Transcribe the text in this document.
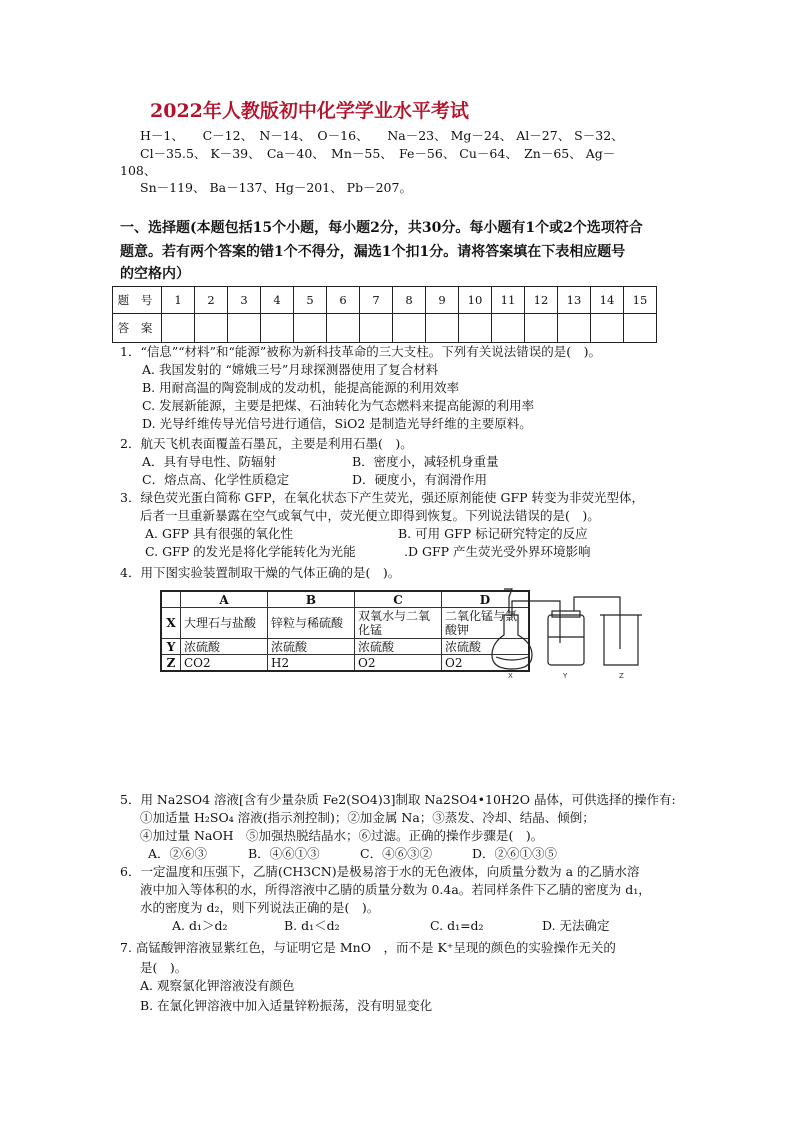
2022年人教版初中化学学业水平考试
H－1、　　C－12、　N－14、　O－16、　　Na－23、 Mg－24、 Al－27、 S－32、
Cl－35.5、 K－39、　Ca－40、　Mn－55、　Fe－56、 Cu－64、　Zn－65、 Ag－
108、
Sn－119、 Ba－137、Hg－201、 Pb－207。
一、选择题(本题包括15个小题，每小题2分，共30分。每小题有1个或2个选项符合
题意。若有两个答案的错1个不得分，漏选1个扣1分。请将答案填在下表相应题号
的空格内）
题 号	1	2	3	4	5	6	7	8	9	10	11	12	13	14	15
答 案															
1．“信息”“材料”和“能源”被称为新科技革命的三大支柱。下列有关说法错误的是(　)。
A. 我国发射的 “嫦娥三号”月球探测器使用了复合材料
B. 用耐高温的陶瓷制成的发动机，能提高能源的利用效率
C. 发展新能源，主要是把煤、石油转化为气态燃料来提高能源的利用率
D. 光导纤维传导光信号进行通信，SiO2 是制造光导纤维的主要原料。
2．航天飞机表面覆盖石墨瓦，主要是利用石墨(　)。
A．具有导电性、防辐射	B．密度小，减轻机身重量
C．熔点高、化学性质稳定	D．硬度小，有润滑作用
3．绿色荧光蛋白简称 GFP，在氧化状态下产生荧光，强还原剂能使 GFP 转变为非荧光型体，
后者一旦重新暴露在空气或氧气中，荧光便立即得到恢复。下列说法错误的是(　)。
A. GFP 具有很强的氧化性	B. 可用 GFP 标记研究特定的反应
C. GFP 的发光是将化学能转化为光能	.D GFP 产生荧光受外界环境影响
4．用下图实验装置制取干燥的气体正确的是(　)。
	A	B	C	D
X	大理石与盐酸	锌粒与稀硫酸	双氧水与二氧化锰	二氧化锰与氯酸钾
Y	浓硫酸	浓硫酸	浓硫酸	浓硫酸
Z	CO2	H2	O2	O2
X	Y	Z
5．用 Na2SO4 溶液[含有少量杂质 Fe2(SO4)3]制取 Na2SO4•10H2O 晶体，可供选择的操作有:
①加适量 H₂SO₄ 溶液(指示剂控制)；②加金属 Na；③蒸发、冷却、结晶、倾倒；
④加过量 NaOH　⑤加强热脱结晶水；⑥过滤。正确的操作步骤是(　)。
A．②⑥③	B．④⑥①③	C．④⑥③②	D．②⑥①③⑤
6．一定温度和压强下，乙腈(CH3CN)是极易溶于水的无色液体，向质量分数为 a 的乙腈水溶
液中加入等体积的水，所得溶液中乙腈的质量分数为 0.4a。若同样条件下乙腈的密度为 d₁，
水的密度为 d₂，则下列说法正确的是(　)。
A. d₁＞d₂	B. d₁＜d₂	C. d₁=d₂	D. 无法确定
7. 高锰酸钾溶液显紫红色，与证明它是 MnO　，而不是 K⁺呈现的颜色的实验操作无关的
是(　)。
A. 观察氯化钾溶液没有颜色
B. 在氯化钾溶液中加入适量锌粉振荡，没有明显变化
